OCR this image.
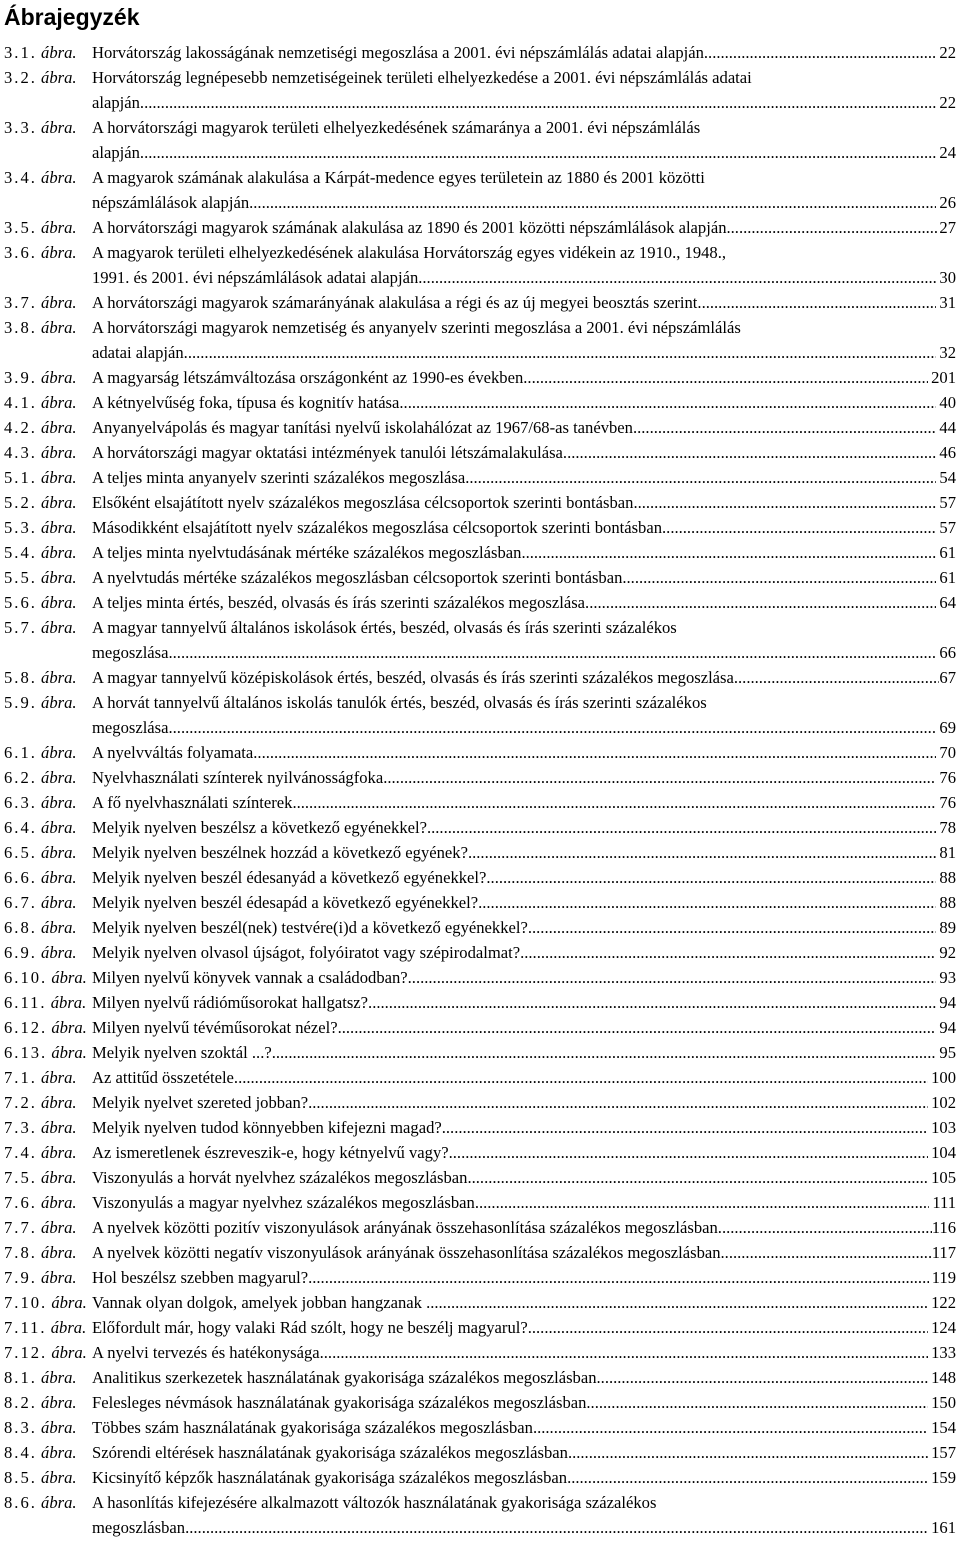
Ábrajegyzék
3.1. ábra. Horvátország lakosságának nemzetiségi megoszlása a 2001. évi népszámlálás adatai alapján .....	22
3.2. ábra. Horvátország legnépesebb nemzetiségeinek területi elhelyezkedése a 2001. évi népszámlálás adatai
alapján .....	22
3.3. ábra. A horvátországi magyarok területi elhelyezkedésének számaránya a 2001. évi népszámlálás
alapján .....	24
3.4. ábra. A magyarok számának alakulása a Kárpát-medence egyes területein az 1880 és 2001 közötti
népszámlálások alapján .....	26
3.5. ábra. A horvátországi magyarok számának alakulása az 1890 és 2001 közötti népszámlálások alapján. .....	27
3.6. ábra. A magyarok területi elhelyezkedésének alakulása Horvátország egyes vidékein az 1910., 1948.,
1991. és 2001. évi népszámlálások adatai alapján .....	30
3.7. ábra. A horvátországi magyarok számarányának alakulása a régi és az új megyei beosztás szerint .....	31
3.8. ábra. A horvátországi magyarok nemzetiség és anyanyelv szerinti megoszlása a 2001. évi népszámlálás
adatai alapján .....	32
3.9. ábra. A magyarság létszámváltozása országonként az 1990-es években .....	201
4.1. ábra. A kétnyelvűség foka, típusa és kognitív hatása .....	40
4.2. ábra. Anyanyelvápolás és magyar tanítási nyelvű iskolahálózat az 1967/68-as tanévben .....	44
4.3. ábra. A horvátországi magyar oktatási intézmények tanulói létszámalakulása .....	46
5.1. ábra. A teljes minta anyanyelv szerinti százalékos megoszlása .....	54
5.2. ábra. Elsőként elsajátított nyelv százalékos megoszlása célcsoportok szerinti bontásban .....	57
5.3. ábra. Másodikként elsajátított nyelv százalékos megoszlása célcsoportok szerinti bontásban .....	57
5.4. ábra. A teljes minta nyelvtudásának mértéke százalékos megoszlásban .....	61
5.5. ábra. A nyelvtudás mértéke százalékos megoszlásban célcsoportok szerinti bontásban .....	61
5.6. ábra. A teljes minta értés, beszéd, olvasás és írás szerinti százalékos megoszlása .....	64
5.7. ábra. A magyar tannyelvű általános iskolások értés, beszéd, olvasás és írás szerinti százalékos
megoszlása .....	66
5.8. ábra. A magyar tannyelvű középiskolások értés, beszéd, olvasás és írás szerinti százalékos megoszlása .....	67
5.9. ábra. A horvát tannyelvű általános iskolás tanulók értés, beszéd, olvasás és írás szerinti százalékos
megoszlása .....	69
6.1. ábra. A nyelvváltás folyamata .....	70
6.2. ábra. Nyelvhasználati színterek nyilvánosságfoka .....	76
6.3. ábra. A fő nyelvhasználati színterek .....	76
6.4. ábra. Melyik nyelven beszélsz a következő egyénekkel? .....	78
6.5. ábra. Melyik nyelven beszélnek hozzád a következő egyének? .....	81
6.6. ábra. Melyik nyelven beszél édesanyád a következő egyénekkel? .....	88
6.7. ábra. Melyik nyelven beszél édesapád a következő egyénekkel? .....	88
6.8. ábra. Melyik nyelven beszél(nek) testvére(i)d a következő egyénekkel? .....	89
6.9. ábra. Melyik nyelven olvasol újságot, folyóiratot vagy szépirodalmat? .....	92
6.10. ábra. Milyen nyelvű könyvek vannak a családodban? .....	93
6.11. ábra. Milyen nyelvű rádióműsorokat hallgatsz? .....	94
6.12. ábra. Milyen nyelvű tévéműsorokat nézel? .....	94
6.13. ábra. Melyik nyelven szoktál ...? .....	95
7.1. ábra. Az attitűd összetétele .....	100
7.2. ábra. Melyik nyelvet szereted jobban? .....	102
7.3. ábra. Melyik nyelven tudod könnyebben kifejezni magad? .....	103
7.4. ábra. Az ismeretlenek észreveszik-e, hogy kétnyelvű vagy? .....	104
7.5. ábra. Viszonyulás a horvát nyelvhez százalékos megoszlásban .....	105
7.6. ábra. Viszonyulás a magyar nyelvhez százalékos megoszlásban .....	111
7.7. ábra. A nyelvek közötti pozitív viszonyulások arányának összehasonlítása százalékos megoszlásban. .....	116
7.8. ábra. A nyelvek közötti negatív viszonyulások arányának összehasonlítása százalékos megoszlásban .....	117
7.9. ábra. Hol beszélsz szebben magyarul? .....	119
7.10. ábra. Vannak olyan dolgok, amelyek jobban hangzanak ... .....	122
7.11. ábra. Előfordult már, hogy valaki Rád szólt, hogy ne beszélj magyarul? .....	124
7.12. ábra. A nyelvi tervezés és hatékonysága .....	133
8.1. ábra. Analitikus szerkezetek használatának gyakorisága százalékos megoszlásban .....	148
8.2. ábra. Felesleges névmások használatának gyakorisága százalékos megoszlásban .....	150
8.3. ábra. Többes szám használatának gyakorisága százalékos megoszlásban .....	154
8.4. ábra. Szórendi eltérések használatának gyakorisága százalékos megoszlásban .....	157
8.5. ábra. Kicsinyítő képzők használatának gyakorisága százalékos megoszlásban .....	159
8.6. ábra. A hasonlítás kifejezésére alkalmazott változók használatának gyakorisága százalékos
megoszlásban .....	161
